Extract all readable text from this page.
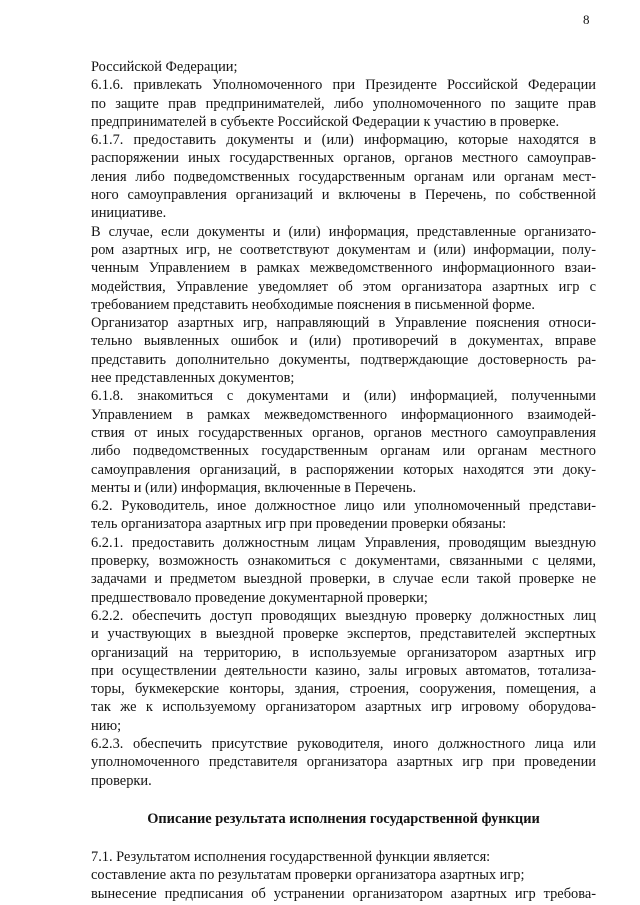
8
Российской Федерации;
6.1.6. привлекать Уполномоченного при Президенте Российской Федерации
по защите прав предпринимателей, либо уполномоченного по защите прав
предпринимателей в субъекте Российской Федерации к участию в проверке.
6.1.7. предоставить документы и (или) информацию, которые находятся в
распоряжении иных государственных органов, органов местного самоуправ-
ления либо подведомственных государственным органам или органам мест-
ного самоуправления организаций и включены в Перечень, по собственной
инициативе.
В случае, если документы и (или) информация, представленные организато-
ром азартных игр, не соответствуют документам и (или) информации, полу-
ченным Управлением в рамках межведомственного информационного взаи-
модействия, Управление уведомляет об этом организатора азартных игр с
требованием представить необходимые пояснения в письменной форме.
Организатор азартных игр, направляющий в Управление пояснения относи-
тельно выявленных ошибок и (или) противоречий в документах, вправе
представить дополнительно документы, подтверждающие достоверность ра-
нее представленных документов;
6.1.8. знакомиться с документами и (или) информацией, полученными
Управлением в рамках межведомственного информационного взаимодей-
ствия от иных государственных органов, органов местного самоуправления
либо подведомственных государственным органам или органам местного
самоуправления организаций, в распоряжении которых находятся эти доку-
менты и (или) информация, включенные в Перечень.
6.2. Руководитель, иное должностное лицо или уполномоченный представи-
тель организатора азартных игр при проведении проверки обязаны:
6.2.1. предоставить должностным лицам Управления, проводящим выездную
проверку, возможность ознакомиться с документами, связанными с целями,
задачами и предметом выездной проверки, в случае если такой проверке не
предшествовало проведение документарной проверки;
6.2.2. обеспечить доступ проводящих выездную проверку должностных лиц
и участвующих в выездной проверке экспертов, представителей экспертных
организаций на территорию, в используемые организатором азартных игр
при осуществлении деятельности казино, залы игровых автоматов, тотализа-
торы, букмекерские конторы, здания, строения, сооружения, помещения, а
так же к используемому организатором азартных игр игровому оборудова-
нию;
6.2.3. обеспечить присутствие руководителя, иного должностного лица или
уполномоченного представителя организатора азартных игр при проведении
проверки.
Описание результата исполнения государственной функции
7.1. Результатом исполнения государственной функции является:
составление акта по результатам проверки организатора азартных игр;
вынесение предписания об устранении организатором азартных игр требова-
